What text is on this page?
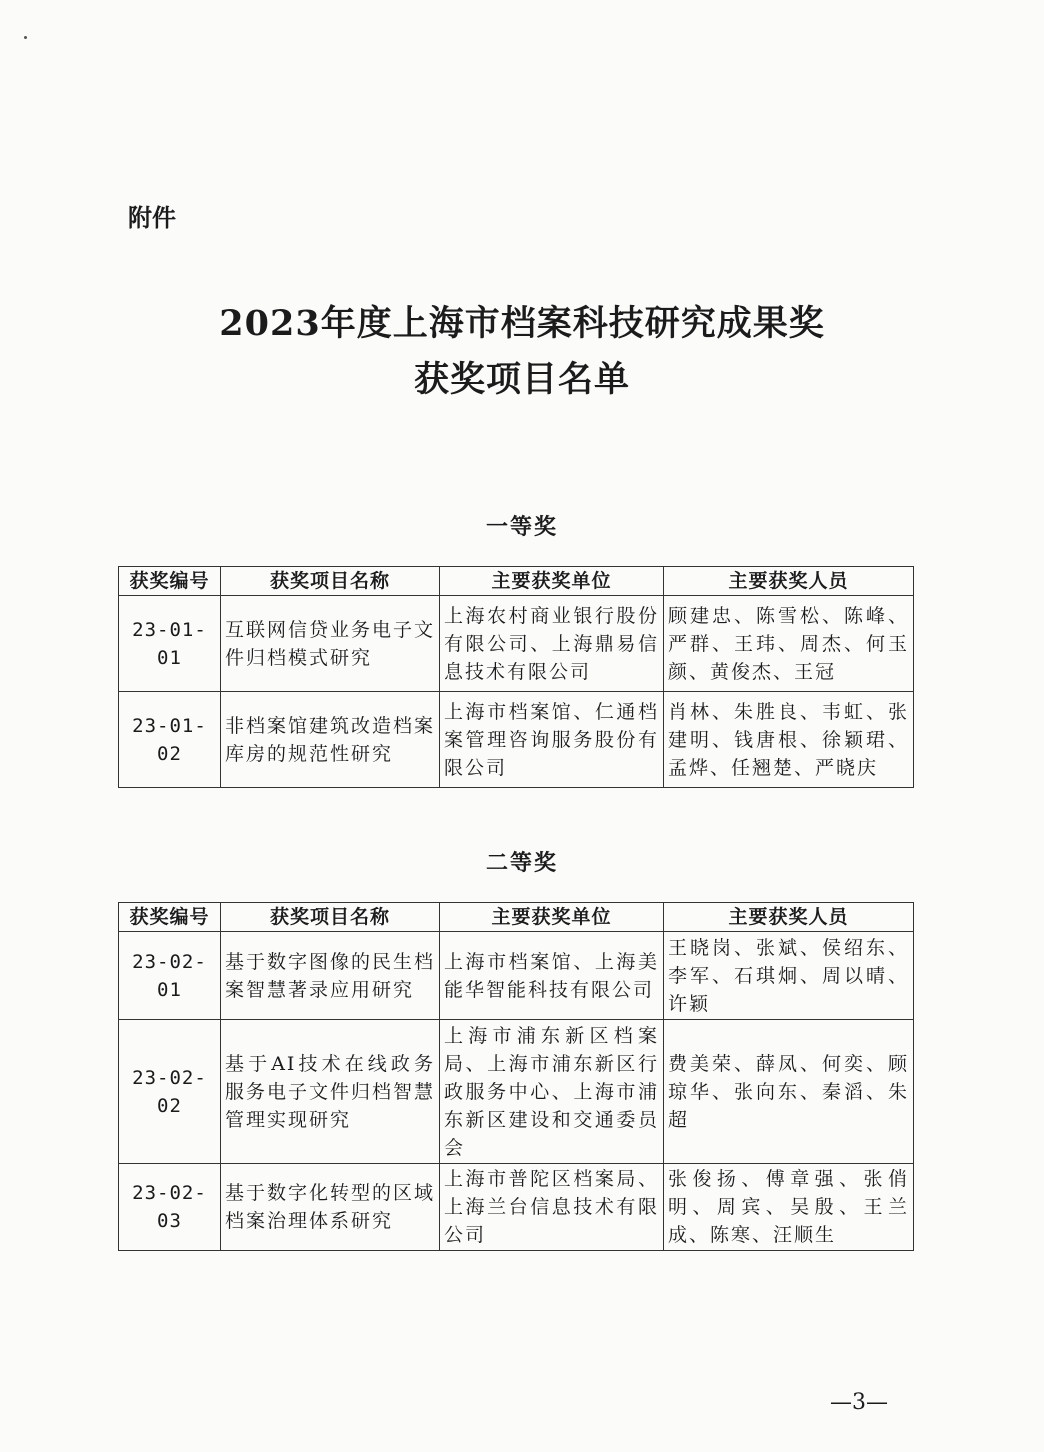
附件
2023年度上海市档案科技研究成果奖
获奖项目名单
一等奖
获奖编号	获奖项目名称	主要获奖单位	主要获奖人员
23-01-01	互联网信贷业务电子文件归档模式研究	上海农村商业银行股份有限公司、上海鼎易信息技术有限公司	顾建忠、陈雪松、陈峰、严群、王玮、周杰、何玉颜、黄俊杰、王冠
23-01-02	非档案馆建筑改造档案库房的规范性研究	上海市档案馆、仁通档案管理咨询服务股份有限公司	肖林、朱胜良、韦虹、张建明、钱唐根、徐颖珺、孟烨、任翘楚、严晓庆
二等奖
获奖编号	获奖项目名称	主要获奖单位	主要获奖人员
23-02-01	基于数字图像的民生档案智慧著录应用研究	上海市档案馆、上海美能华智能科技有限公司	王晓岗、张斌、侯绍东、李军、石琪炯、周以晴、许颖
23-02-02	基于AI技术在线政务服务电子文件归档智慧管理实现研究	上海市浦东新区档案局、上海市浦东新区行政服务中心、上海市浦东新区建设和交通委员会	费美荣、薛凤、何奕、顾琼华、张向东、秦滔、朱超
23-02-03	基于数字化转型的区域档案治理体系研究	上海市普陀区档案局、上海兰台信息技术有限公司	张俊扬、傅章强、张俏明、周宾、吴殷、王兰成、陈寒、汪顺生
—3—
